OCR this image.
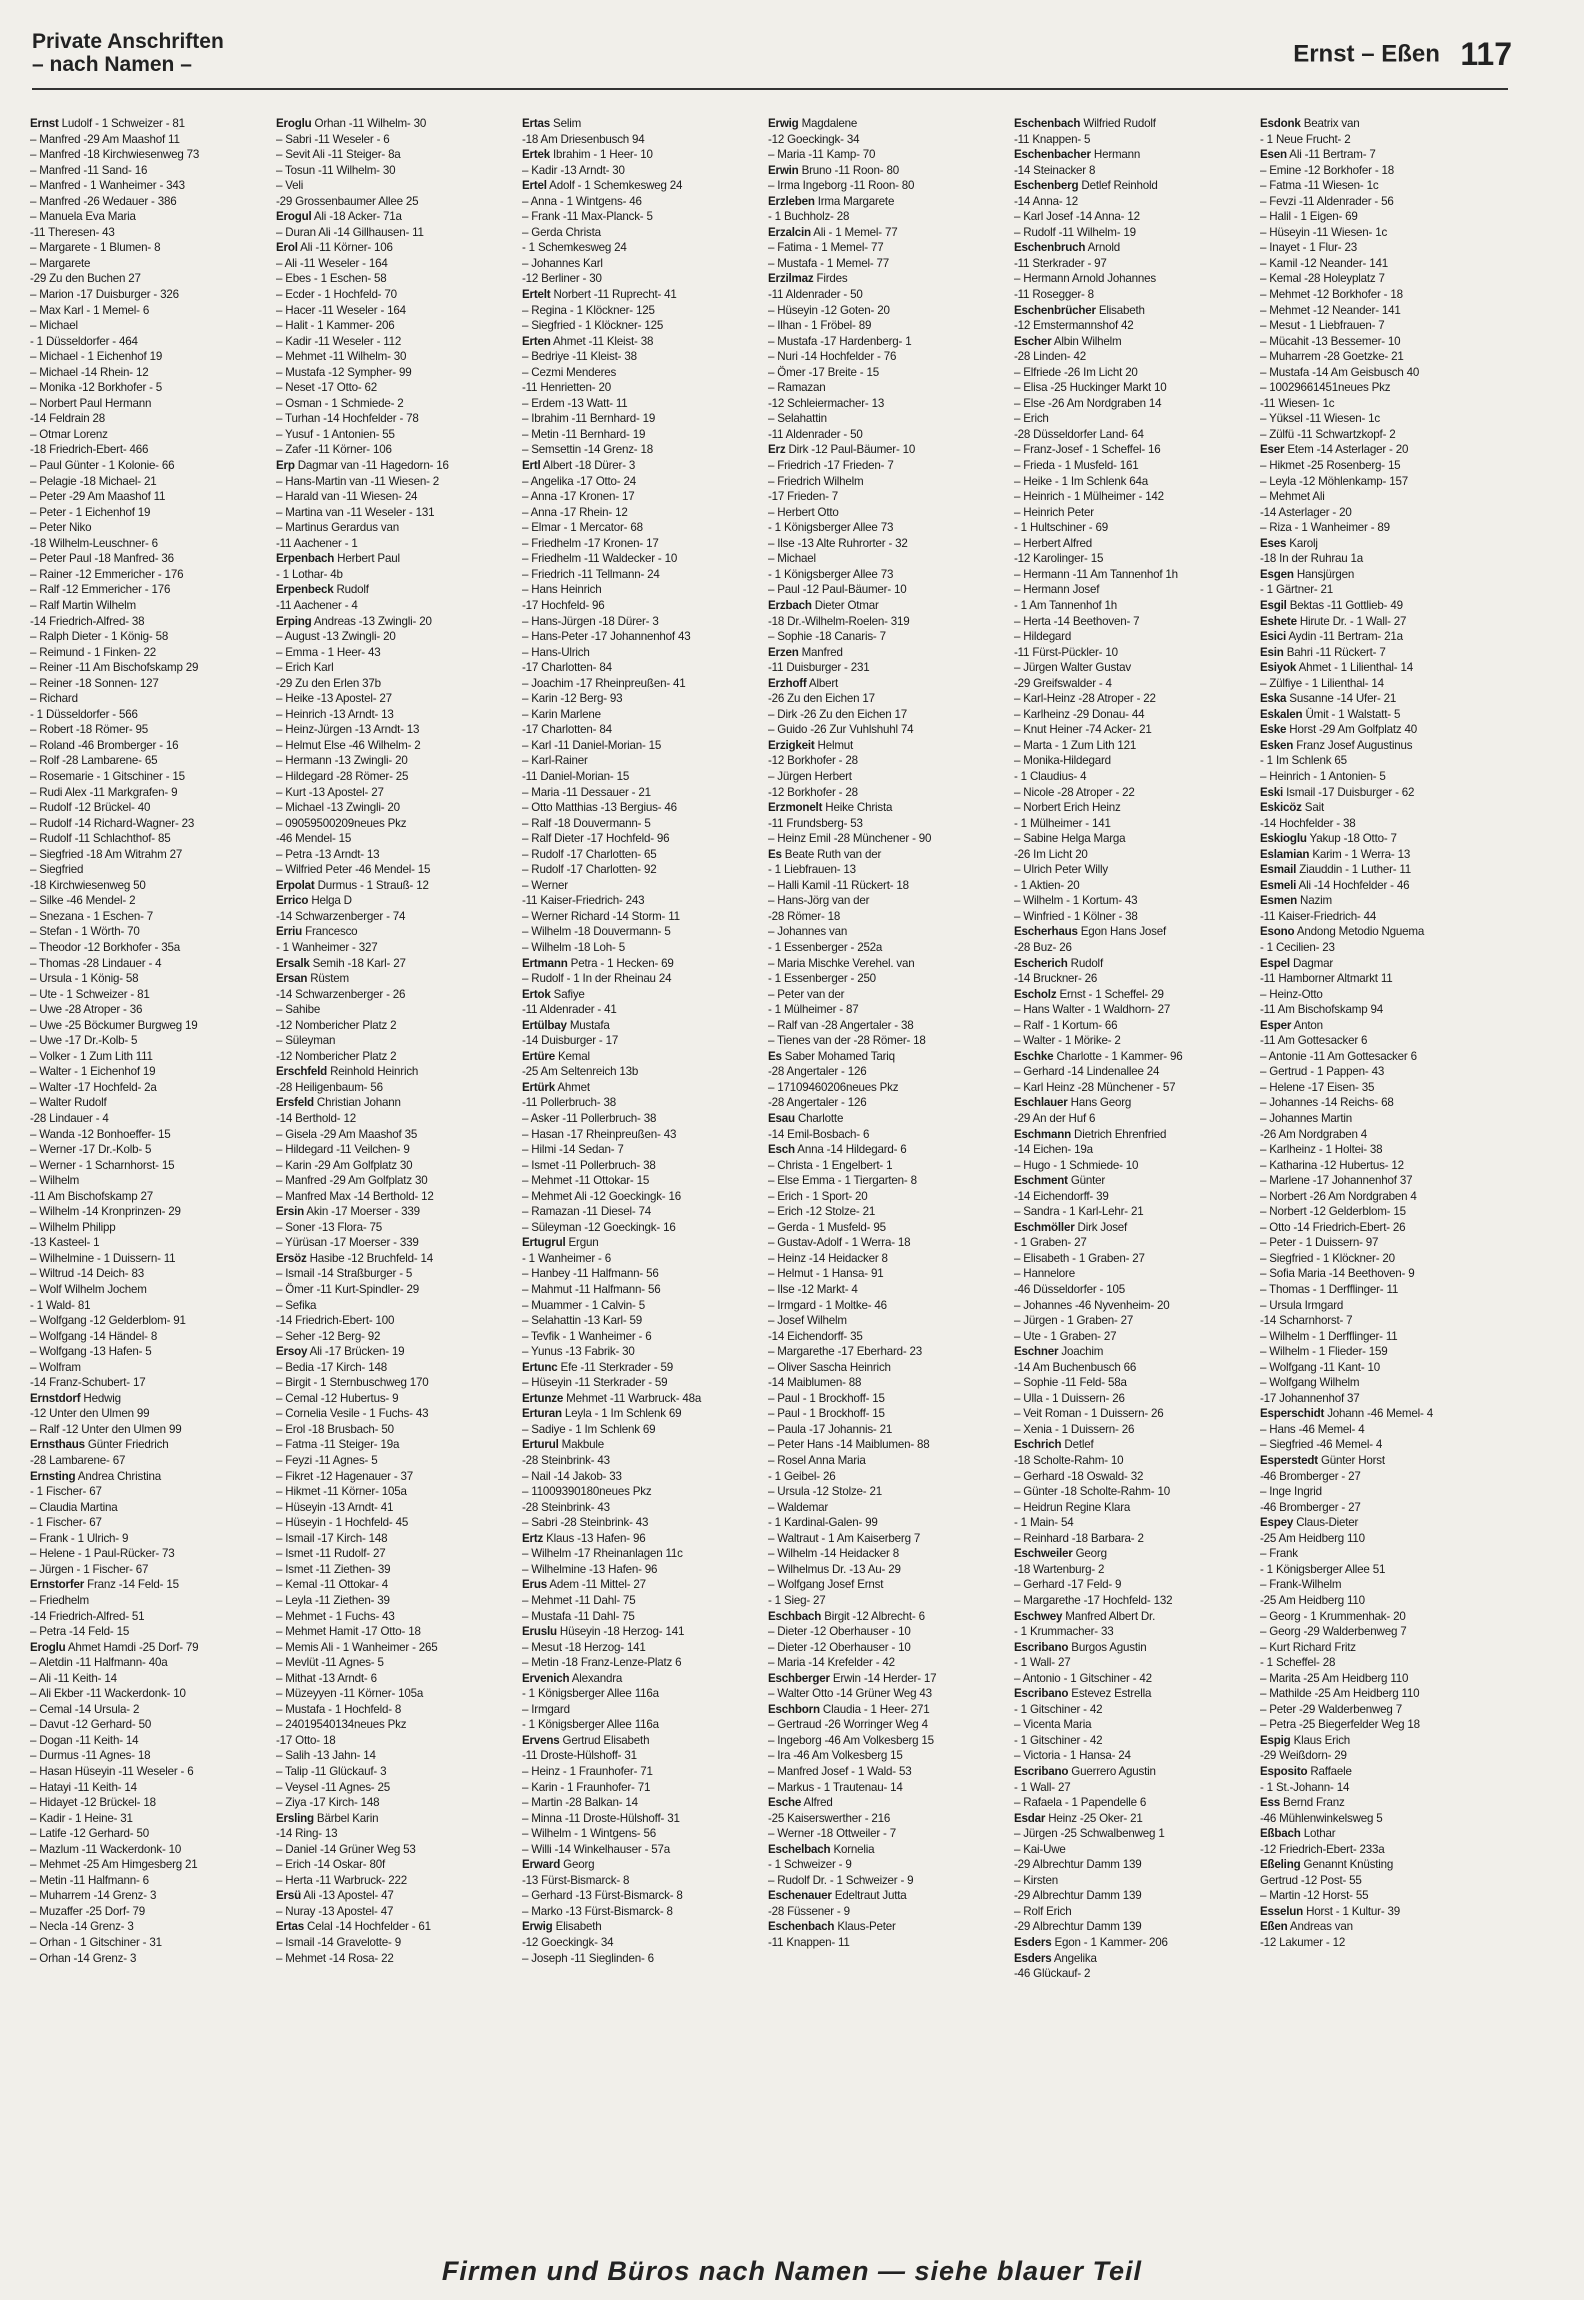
Private Anschriften
– nach Namen –	Ernst – Eßen 117
Ernst Ludolf - 1 Schweizer - 81
– Manfred -29 Am Maashof 11
– Manfred -18 Kirchwiesenweg 73
– Manfred -11 Sand- 16
– Manfred - 1 Wanheimer - 343
– Manfred -26 Wedauer - 386
– Manuela Eva Maria
-11 Theresen- 43
– Margarete - 1 Blumen- 8
– Margarete
-29 Zu den Buchen 27
– Marion -17 Duisburger - 326
– Max Karl - 1 Memel- 6
– Michael
- 1 Düsseldorfer - 464
– Michael - 1 Eichenhof 19
– Michael -14 Rhein- 12
– Monika -12 Borkhofer - 5
– Norbert Paul Hermann
-14 Feldrain 28
– Otmar Lorenz
-18 Friedrich-Ebert- 466
– Paul Günter - 1 Kolonie- 66
– Pelagie -18 Michael- 21
– Peter -29 Am Maashof 11
– Peter - 1 Eichenhof 19
– Peter Niko
-18 Wilhelm-Leuschner- 6
– Peter Paul -18 Manfred- 36
– Rainer -12 Emmericher - 176
– Ralf -12 Emmericher - 176
– Ralf Martin Wilhelm
-14 Friedrich-Alfred- 38
– Ralph Dieter - 1 König- 58
– Reimund - 1 Finken- 22
– Reiner -11 Am Bischofskamp 29
– Reiner -18 Sonnen- 127
– Richard
- 1 Düsseldorfer - 566
– Robert -18 Römer- 95
– Roland -46 Bromberger - 16
– Rolf -28 Lambarene- 65
– Rosemarie - 1 Gitschiner - 15
– Rudi Alex -11 Markgrafen- 9
– Rudolf -12 Brückel- 40
– Rudolf -14 Richard-Wagner- 23
– Rudolf -11 Schlachthof- 85
– Siegfried -18 Am Witrahm 27
– Siegfried
-18 Kirchwiesenweg 50
– Silke -46 Mendel- 2
– Snezana - 1 Eschen- 7
– Stefan - 1 Wörth- 70
– Theodor -12 Borkhofer - 35a
– Thomas -28 Lindauer - 4
– Ursula - 1 König- 58
– Ute - 1 Schweizer - 81
– Uwe -28 Atroper - 36
– Uwe -25 Böckumer Burgweg 19
– Uwe -17 Dr.-Kolb- 5
– Volker - 1 Zum Lith 111
– Walter - 1 Eichenhof 19
– Walter -17 Hochfeld- 2a
– Walter Rudolf
-28 Lindauer - 4
– Wanda -12 Bonhoeffer- 15
– Werner -17 Dr.-Kolb- 5
– Werner - 1 Scharnhorst- 15
– Wilhelm
-11 Am Bischofskamp 27
– Wilhelm -14 Kronprinzen- 29
– Wilhelm Philipp
-13 Kasteel- 1
– Wilhelmine - 1 Duissern- 11
– Wiltrud -14 Deich- 83
– Wolf Wilhelm Jochem
- 1 Wald- 81
– Wolfgang -12 Gelderblom- 91
– Wolfgang -14 Händel- 8
– Wolfgang -13 Hafen- 5
– Wolfram
-14 Franz-Schubert- 17
Ernstdorf Hedwig
-12 Unter den Ulmen 99
– Ralf -12 Unter den Ulmen 99
Ernsthaus Günter Friedrich
-28 Lambarene- 67
Ernsting Andrea Christina
- 1 Fischer- 67
– Claudia Martina
- 1 Fischer- 67
– Frank - 1 Ulrich- 9
– Helene - 1 Paul-Rücker- 73
– Jürgen - 1 Fischer- 67
Ernstorfer Franz -14 Feld- 15
– Friedhelm
-14 Friedrich-Alfred- 51
– Petra -14 Feld- 15
Eroglu Ahmet Hamdi -25 Dorf- 79
– Aletdin -11 Halfmann- 40a
– Ali -11 Keith- 14
– Ali Ekber -11 Wackerdonk- 10
– Cemal -14 Ursula- 2
– Davut -12 Gerhard- 50
– Dogan -11 Keith- 14
– Durmus -11 Agnes- 18
– Hasan Hüseyin -11 Weseler - 6
– Hatayi -11 Keith- 14
– Hidayet -12 Brückel- 18
– Kadir - 1 Heine- 31
– Latife -12 Gerhard- 50
– Mazlum -11 Wackerdonk- 10
– Mehmet -25 Am Himgesberg 21
– Metin -11 Halfmann- 6
– Muharrem -14 Grenz- 3
– Muzaffer -25 Dorf- 79
– Necla -14 Grenz- 3
– Orhan - 1 Gitschiner - 31
– Orhan -14 Grenz- 3
Eroglu Orhan -11 Wilhelm- 30
– Sabri -11 Weseler - 6
– Sevit Ali -11 Steiger- 8a
– Tosun -11 Wilhelm- 30
– Veli
-29 Grossenbaumer Allee 25
Erogul Ali -18 Acker- 71a
– Duran Ali -14 Gillhausen- 11
Erol Ali -11 Körner- 106
– Ali -11 Weseler - 164
– Ebes - 1 Eschen- 58
– Ecder - 1 Hochfeld- 70
– Hacer -11 Weseler - 164
– Halit - 1 Kammer- 206
– Kadir -11 Weseler - 112
– Mehmet -11 Wilhelm- 30
– Mustafa -12 Sympher- 99
– Neset -17 Otto- 62
– Osman - 1 Schmiede- 2
– Turhan -14 Hochfelder - 78
– Yusuf - 1 Antonien- 55
– Zafer -11 Körner- 106
Erp Dagmar van -11 Hagedorn- 16
– Hans-Martin van -11 Wiesen- 2
– Harald van -11 Wiesen- 24
– Martina van -11 Weseler - 131
– Martinus Gerardus van
-11 Aachener - 1
Erpenbach Herbert Paul
- 1 Lothar- 4b
Erpenbeck Rudolf
-11 Aachener - 4
Erping Andreas -13 Zwingli- 20
– August -13 Zwingli- 20
– Emma - 1 Heer- 43
– Erich Karl
-29 Zu den Erlen 37b
– Heike -13 Apostel- 27
– Heinrich -13 Arndt- 13
– Heinz-Jürgen -13 Arndt- 13
– Helmut Else -46 Wilhelm- 2
– Hermann -13 Zwingli- 20
– Hildegard -28 Römer- 25
– Kurt -13 Apostel- 27
– Michael -13 Zwingli- 20
– 09059500209neues Pkz
-46 Mendel- 15
– Petra -13 Arndt- 13
– Wilfried Peter -46 Mendel- 15
Erpolat Durmus - 1 Strauß- 12
Errico Helga D
-14 Schwarzenberger - 74
Erriu Francesco
- 1 Wanheimer - 327
Ersalk Semih -18 Karl- 27
Ersan Rüstem
-14 Schwarzenberger - 26
– Sahibe
-12 Nombericher Platz 2
– Süleyman
-12 Nombericher Platz 2
Erschfeld Reinhold Heinrich
-28 Heiligenbaum- 56
Ersfeld Christian Johann
-14 Berthold- 12
– Gisela -29 Am Maashof 35
– Hildegard -11 Veilchen- 9
– Karin -29 Am Golfplatz 30
– Manfred -29 Am Golfplatz 30
– Manfred Max -14 Berthold- 12
Ersin Akin -17 Moerser - 339
– Soner -13 Flora- 75
– Yürüsan -17 Moerser - 339
Ersöz Hasibe -12 Bruchfeld- 14
– Ismail -14 Straßburger - 5
– Ömer -11 Kurt-Spindler- 29
– Sefika
-14 Friedrich-Ebert- 100
– Seher -12 Berg- 92
Ersoy Ali -17 Brücken- 19
– Bedia -17 Kirch- 148
– Birgit - 1 Sternbuschweg 170
– Cemal -12 Hubertus- 9
– Cornelia Vesile - 1 Fuchs- 43
– Erol -18 Brusbach- 50
– Fatma -11 Steiger- 19a
– Feyzi -11 Agnes- 5
– Fikret -12 Hagenauer - 37
– Hikmet -11 Körner- 105a
– Hüseyin -13 Arndt- 41
– Hüseyin - 1 Hochfeld- 45
– Ismail -17 Kirch- 148
– Ismet -11 Rudolf- 27
– Ismet -11 Ziethen- 39
– Kemal -11 Ottokar- 4
– Leyla -11 Ziethen- 39
– Mehmet - 1 Fuchs- 43
– Mehmet Hamit -17 Otto- 18
– Memis Ali - 1 Wanheimer - 265
– Mevlüt -11 Agnes- 5
– Mithat -13 Arndt- 6
– Müzeyyen -11 Körner- 105a
– Mustafa - 1 Hochfeld- 8
– 24019540134neues Pkz
-17 Otto- 18
– Salih -13 Jahn- 14
– Talip -11 Glückauf- 3
– Veysel -11 Agnes- 25
– Ziya -17 Kirch- 148
Ersling Bärbel Karin
-14 Ring- 13
– Daniel -14 Grüner Weg 53
– Erich -14 Oskar- 80f
– Herta -11 Warbruck- 222
Ersü Ali -13 Apostel- 47
– Nuray -13 Apostel- 47
Ertas Celal -14 Hochfelder - 61
– Ismail -14 Gravelotte- 9
– Mehmet -14 Rosa- 22
Ertas Selim
-18 Am Driesenbusch 94
Ertek Ibrahim - 1 Heer- 10
– Kadir -13 Arndt- 30
Ertel Adolf - 1 Schemkesweg 24
– Anna - 1 Wintgens- 46
– Frank -11 Max-Planck- 5
– Gerda Christa
- 1 Schemkesweg 24
– Johannes Karl
-12 Berliner - 30
Ertelt Norbert -11 Ruprecht- 41
– Regina - 1 Klöckner- 125
– Siegfried - 1 Klöckner- 125
Erten Ahmet -11 Kleist- 38
– Bedriye -11 Kleist- 38
– Cezmi Menderes
-11 Henrietten- 20
– Erdem -13 Watt- 11
– Ibrahim -11 Bernhard- 19
– Metin -11 Bernhard- 19
– Semsettin -14 Grenz- 18
Ertl Albert -18 Dürer- 3
– Angelika -17 Otto- 24
– Anna -17 Kronen- 17
– Anna -17 Rhein- 12
– Elmar - 1 Mercator- 68
– Friedhelm -17 Kronen- 17
– Friedhelm -11 Waldecker - 10
– Friedrich -11 Tellmann- 24
– Hans Heinrich
-17 Hochfeld- 96
– Hans-Jürgen -18 Dürer- 3
– Hans-Peter -17 Johannenhof 43
– Hans-Ulrich
-17 Charlotten- 84
– Joachim -17 Rheinpreußen- 41
– Karin -12 Berg- 93
– Karin Marlene
-17 Charlotten- 84
– Karl -11 Daniel-Morian- 15
– Karl-Rainer
-11 Daniel-Morian- 15
– Maria -11 Dessauer - 21
– Otto Matthias -13 Bergius- 46
– Ralf -18 Douvermann- 5
– Ralf Dieter -17 Hochfeld- 96
– Rudolf -17 Charlotten- 65
– Rudolf -17 Charlotten- 92
– Werner
-11 Kaiser-Friedrich- 243
– Werner Richard -14 Storm- 11
– Wilhelm -18 Douvermann- 5
– Wilhelm -18 Loh- 5
Ertmann Petra - 1 Hecken- 69
– Rudolf - 1 In der Rheinau 24
Ertok Safiye
-11 Aldenrader - 41
Ertülbay Mustafa
-14 Duisburger - 17
Ertüre Kemal
-25 Am Seltenreich 13b
Ertürk Ahmet
-11 Pollerbruch- 38
– Asker -11 Pollerbruch- 38
– Hasan -17 Rheinpreußen- 43
– Hilmi -14 Sedan- 7
– Ismet -11 Pollerbruch- 38
– Mehmet -11 Ottokar- 15
– Mehmet Ali -12 Goeckingk- 16
– Ramazan -11 Diesel- 74
– Süleyman -12 Goeckingk- 16
Ertugrul Ergun
- 1 Wanheimer - 6
– Hanbey -11 Halfmann- 56
– Mahmut -11 Halfmann- 56
– Muammer - 1 Calvin- 5
– Selahattin -13 Karl- 59
– Tevfik - 1 Wanheimer - 6
– Yunus -13 Fabrik- 30
Ertunc Efe -11 Sterkrader - 59
– Hüseyin -11 Sterkrader - 59
Ertunze Mehmet -11 Warbruck- 48a
Erturan Leyla - 1 Im Schlenk 69
– Sadiye - 1 Im Schlenk 69
Erturul Makbule
-28 Steinbrink- 43
– Nail -14 Jakob- 33
– 11009390180neues Pkz
-28 Steinbrink- 43
– Sabri -28 Steinbrink- 43
Ertz Klaus -13 Hafen- 96
– Wilhelm -17 Rheinanlagen 11c
– Wilhelmine -13 Hafen- 96
Erus Adem -11 Mittel- 27
– Mehmet -11 Dahl- 75
– Mustafa -11 Dahl- 75
Eruslu Hüseyin -18 Herzog- 141
– Mesut -18 Herzog- 141
– Metin -18 Franz-Lenze-Platz 6
Ervenich Alexandra
- 1 Königsberger Allee 116a
– Irmgard
- 1 Königsberger Allee 116a
Ervens Gertrud Elisabeth
-11 Droste-Hülshoff- 31
– Heinz - 1 Fraunhofer- 71
– Karin - 1 Fraunhofer- 71
– Martin -28 Balkan- 14
– Minna -11 Droste-Hülshoff- 31
– Wilhelm - 1 Wintgens- 56
– Willi -14 Winkelhauser - 57a
Erward Georg
-13 Fürst-Bismarck- 8
– Gerhard -13 Fürst-Bismarck- 8
– Marko -13 Fürst-Bismarck- 8
Erwig Elisabeth
-12 Goeckingk- 34
– Joseph -11 Sieglinden- 6
Erwig Magdalene
-12 Goeckingk- 34
– Maria -11 Kamp- 70
Erwin Bruno -11 Roon- 80
– Irma Ingeborg -11 Roon- 80
Erzleben Irma Margarete
- 1 Buchholz- 28
Erzalcin Ali - 1 Memel- 77
– Fatima - 1 Memel- 77
– Mustafa - 1 Memel- 77
Erzilmaz Firdes
-11 Aldenrader - 50
– Hüseyin -12 Goten- 20
– Ilhan - 1 Fröbel- 89
– Mustafa -17 Hardenberg- 1
– Nuri -14 Hochfelder - 76
– Ömer -17 Breite - 15
– Ramazan
-12 Schleiermacher- 13
– Selahattin
-11 Aldenrader - 50
Erz Dirk -12 Paul-Bäumer- 10
– Friedrich -17 Frieden- 7
– Friedrich Wilhelm
-17 Frieden- 7
– Herbert Otto
- 1 Königsberger Allee 73
– Ilse -13 Alte Ruhrorter - 32
– Michael
- 1 Königsberger Allee 73
– Paul -12 Paul-Bäumer- 10
Erzbach Dieter Otmar
-18 Dr.-Wilhelm-Roelen- 319
– Sophie -18 Canaris- 7
Erzen Manfred
-11 Duisburger - 231
Erzhoff Albert
-26 Zu den Eichen 17
– Dirk -26 Zu den Eichen 17
– Guido -26 Zur Vuhlshuhl 74
Erzigkeit Helmut
-12 Borkhofer - 28
– Jürgen Herbert
-12 Borkhofer - 28
Erzmonelt Heike Christa
-11 Frundsberg- 53
– Heinz Emil -28 Münchener - 90
Es Beate Ruth van der
- 1 Liebfrauen- 13
– Halli Kamil -11 Rückert- 18
– Hans-Jörg van der
-28 Römer- 18
– Johannes van
- 1 Essenberger - 252a
– Maria Mischke Verehel. van
- 1 Essenberger - 250
– Peter van der
- 1 Mülheimer - 87
– Ralf van -28 Angertaler - 38
– Tienes van der -28 Römer- 18
Es Saber Mohamed Tariq
-28 Angertaler - 126
– 17109460206neues Pkz
-28 Angertaler - 126
Esau Charlotte
-14 Emil-Bosbach- 6
Esch Anna -14 Hildegard- 6
– Christa - 1 Engelbert- 1
– Else Emma - 1 Tiergarten- 8
– Erich - 1 Sport- 20
– Erich -12 Stolze- 21
– Gerda - 1 Musfeld- 95
– Gustav-Adolf - 1 Werra- 18
– Heinz -14 Heidacker 8
– Helmut - 1 Hansa- 91
– Ilse -12 Markt- 4
– Irmgard - 1 Moltke- 46
– Josef Wilhelm
-14 Eichendorff- 35
– Margarethe -17 Eberhard- 23
– Oliver Sascha Heinrich
-14 Maiblumen- 88
– Paul - 1 Brockhoff- 15
– Paul - 1 Brockhoff- 15
– Paula -17 Johannis- 21
– Peter Hans -14 Maiblumen- 88
– Rosel Anna Maria
- 1 Geibel- 26
– Ursula -12 Stolze- 21
– Waldemar
- 1 Kardinal-Galen- 99
– Waltraut - 1 Am Kaiserberg 7
– Wilhelm -14 Heidacker 8
– Wilhelmus Dr. -13 Au- 29
– Wolfgang Josef Ernst
- 1 Sieg- 27
Eschbach Birgit -12 Albrecht- 6
– Dieter -12 Oberhauser - 10
– Dieter -12 Oberhauser - 10
– Maria -14 Krefelder - 42
Eschberger Erwin -14 Herder- 17
– Walter Otto -14 Grüner Weg 43
Eschborn Claudia - 1 Heer- 271
– Gertraud -26 Worringer Weg 4
– Ingeborg -46 Am Volkesberg 15
– Ira -46 Am Volkesberg 15
– Manfred Josef - 1 Wald- 53
– Markus - 1 Trautenau- 14
Esche Alfred
-25 Kaiserswerther - 216
– Werner -18 Ottweiler - 7
Eschelbach Kornelia
- 1 Schweizer - 9
– Rudolf Dr. - 1 Schweizer - 9
Eschenauer Edeltraut Jutta
-28 Füssener - 9
Eschenbach Klaus-Peter
-11 Knappen- 11
Eschenbach Wilfried Rudolf
-11 Knappen- 5
Eschenbacher Hermann
-14 Steinacker 8
Eschenberg Detlef Reinhold
-14 Anna- 12
– Karl Josef -14 Anna- 12
– Rudolf -11 Wilhelm- 19
Eschenbruch Arnold
-11 Sterkrader - 97
– Hermann Arnold Johannes
-11 Rosegger- 8
Eschenbrücher Elisabeth
-12 Emstermannshof 42
Escher Albin Wilhelm
-28 Linden- 42
– Elfriede -26 Im Licht 20
– Elisa -25 Huckinger Markt 10
– Else -26 Am Nordgraben 14
– Erich
-28 Düsseldorfer Land- 64
– Franz-Josef - 1 Scheffel- 16
– Frieda - 1 Musfeld- 161
– Heike - 1 Im Schlenk 64a
– Heinrich - 1 Mülheimer - 142
– Heinrich Peter
- 1 Hultschiner - 69
– Herbert Alfred
-12 Karolinger- 15
– Hermann -11 Am Tannenhof 1h
– Hermann Josef
- 1 Am Tannenhof 1h
– Herta -14 Beethoven- 7
– Hildegard
-11 Fürst-Pückler- 10
– Jürgen Walter Gustav
-29 Greifswalder - 4
– Karl-Heinz -28 Atroper - 22
– Karlheinz -29 Donau- 44
– Knut Heiner -74 Acker- 21
– Marta - 1 Zum Lith 121
– Monika-Hildegard
- 1 Claudius- 4
– Nicole -28 Atroper - 22
– Norbert Erich Heinz
- 1 Mülheimer - 141
– Sabine Helga Marga
-26 Im Licht 20
– Ulrich Peter Willy
- 1 Aktien- 20
– Wilhelm - 1 Kortum- 43
– Winfried - 1 Kölner - 38
Escherhaus Egon Hans Josef
-28 Buz- 26
Escherich Rudolf
-14 Bruckner- 26
Escholz Ernst - 1 Scheffel- 29
– Hans Walter - 1 Waldhorn- 27
– Ralf - 1 Kortum- 66
– Walter - 1 Mörike- 2
Eschke Charlotte - 1 Kammer- 96
– Gerhard -14 Lindenallee 24
– Karl Heinz -28 Münchener - 57
Eschlauer Hans Georg
-29 An der Huf 6
Eschmann Dietrich Ehrenfried
-14 Eichen- 19a
– Hugo - 1 Schmiede- 10
Eschment Günter
-14 Eichendorff- 39
– Sandra - 1 Karl-Lehr- 21
Eschmöller Dirk Josef
- 1 Graben- 27
– Elisabeth - 1 Graben- 27
– Hannelore
-46 Düsseldorfer - 105
– Johannes -46 Nyvenheim- 20
– Jürgen - 1 Graben- 27
– Ute - 1 Graben- 27
Eschner Joachim
-14 Am Buchenbusch 66
– Sophie -11 Feld- 58a
– Ulla - 1 Duissern- 26
– Veit Roman - 1 Duissern- 26
– Xenia - 1 Duissern- 26
Eschrich Detlef
-18 Scholte-Rahm- 10
– Gerhard -18 Oswald- 32
– Günter -18 Scholte-Rahm- 10
– Heidrun Regine Klara
- 1 Main- 54
– Reinhard -18 Barbara- 2
Eschweiler Georg
-18 Wartenburg- 2
– Gerhard -17 Feld- 9
– Margarethe -17 Hochfeld- 132
Eschwey Manfred Albert Dr.
- 1 Krummacher- 33
Escribano Burgos Agustin
- 1 Wall- 27
– Antonio - 1 Gitschiner - 42
Escribano Estevez Estrella
- 1 Gitschiner - 42
– Vicenta Maria
- 1 Gitschiner - 42
– Victoria - 1 Hansa- 24
Escribano Guerrero Agustin
- 1 Wall- 27
– Rafaela - 1 Papendelle 6
Esdar Heinz -25 Oker- 21
– Jürgen -25 Schwalbenweg 1
– Kai-Uwe
-29 Albrechtur Damm 139
– Kirsten
-29 Albrechtur Damm 139
– Rolf Erich
-29 Albrechtur Damm 139
Esders Egon - 1 Kammer- 206
Esders Angelika
-46 Glückauf- 2
Esdonk Beatrix van
- 1 Neue Frucht- 2
Esen Ali -11 Bertram- 7
– Emine -12 Borkhofer - 18
– Fatma -11 Wiesen- 1c
– Fevzi -11 Aldenrader - 56
– Halil - 1 Eigen- 69
– Hüseyin -11 Wiesen- 1c
– Inayet - 1 Flur- 23
– Kamil -12 Neander- 141
– Kemal -28 Holeyplatz 7
– Mehmet -12 Borkhofer - 18
– Mehmet -12 Neander- 141
– Mesut - 1 Liebfrauen- 7
– Mücahit -13 Bessemer- 10
– Muharrem -28 Goetzke- 21
– Mustafa -14 Am Geisbusch 40
– 10029661451neues Pkz
-11 Wiesen- 1c
– Yüksel -11 Wiesen- 1c
– Zülfü -11 Schwartzkopf- 2
Eser Etem -14 Asterlager - 20
– Hikmet -25 Rosenberg- 15
– Leyla -12 Möhlenkamp- 157
– Mehmet Ali
-14 Asterlager - 20
– Riza - 1 Wanheimer - 89
Eses Karolj
-18 In der Ruhrau 1a
Esgen Hansjürgen
- 1 Gärtner- 21
Esgil Bektas -11 Gottlieb- 49
Eshete Hirute Dr. - 1 Wall- 27
Esici Aydin -11 Bertram- 21a
Esin Bahri -11 Rückert- 7
Esiyok Ahmet - 1 Lilienthal- 14
– Zülfiye - 1 Lilienthal- 14
Eska Susanne -14 Ufer- 21
Eskalen Ümit - 1 Walstatt- 5
Eske Horst -29 Am Golfplatz 40
Esken Franz Josef Augustinus
- 1 Im Schlenk 65
– Heinrich - 1 Antonien- 5
Eski Ismail -17 Duisburger - 62
Eskicöz Sait
-14 Hochfelder - 38
Eskioglu Yakup -18 Otto- 7
Eslamian Karim - 1 Werra- 13
Esmail Ziauddin - 1 Luther- 11
Esmeli Ali -14 Hochfelder - 46
Esmen Nazim
-11 Kaiser-Friedrich- 44
Esono Andong Metodio Nguema
- 1 Cecilien- 23
Espel Dagmar
-11 Hamborner Altmarkt 11
– Heinz-Otto
-11 Am Bischofskamp 94
Esper Anton
-11 Am Gottesacker 6
– Antonie -11 Am Gottesacker 6
– Gertrud - 1 Pappen- 43
– Helene -17 Eisen- 35
– Johannes -14 Reichs- 68
– Johannes Martin
-26 Am Nordgraben 4
– Karlheinz - 1 Holtei- 38
– Katharina -12 Hubertus- 12
– Marlene -17 Johannenhof 37
– Norbert -26 Am Nordgraben 4
– Norbert -12 Gelderblom- 15
– Otto -14 Friedrich-Ebert- 26
– Peter - 1 Duissern- 97
– Siegfried - 1 Klöckner- 20
– Sofia Maria -14 Beethoven- 9
– Thomas - 1 Derfflinger- 11
– Ursula Irmgard
-14 Scharnhorst- 7
– Wilhelm - 1 Derfflinger- 11
– Wilhelm - 1 Flieder- 159
– Wolfgang -11 Kant- 10
– Wolfgang Wilhelm
-17 Johannenhof 37
Esperschidt Johann -46 Memel- 4
– Hans -46 Memel- 4
– Siegfried -46 Memel- 4
Esperstedt Günter Horst
-46 Bromberger - 27
– Inge Ingrid
-46 Bromberger - 27
Espey Claus-Dieter
-25 Am Heidberg 110
– Frank
- 1 Königsberger Allee 51
– Frank-Wilhelm
-25 Am Heidberg 110
– Georg - 1 Krummenhak- 20
– Georg -29 Walderbenweg 7
– Kurt Richard Fritz
- 1 Scheffel- 28
– Marita -25 Am Heidberg 110
– Mathilde -25 Am Heidberg 110
– Peter -29 Walderbenweg 7
– Petra -25 Biegerfelder Weg 18
Espig Klaus Erich
-29 Weißdorn- 29
Esposito Raffaele
- 1 St.-Johann- 14
Ess Bernd Franz
-46 Mühlenwinkelsweg 5
Eßbach Lothar
-12 Friedrich-Ebert- 233a
Eßeling Genannt Knüsting
Gertrud -12 Post- 55
– Martin -12 Horst- 55
Esselun Horst - 1 Kultur- 39
Eßen Andreas van
-12 Lakumer - 12
Firmen und Büros nach Namen — siehe blauer Teil
